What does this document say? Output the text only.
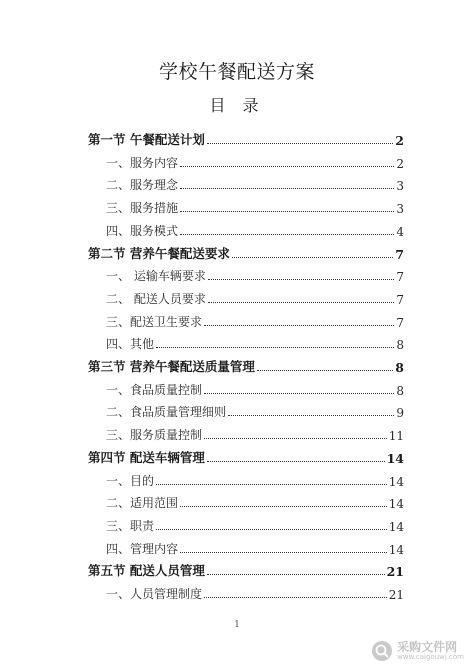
学校午餐配送方案
目 录
第一节 午餐配送计划	2
一、服务内容	2
二、服务理念	3
三、服务措施	3
四、服务模式	4
第二节 营养午餐配送要求	7
一、 运输车辆要求	7
二、 配送人员要求	7
三、配送卫生要求	7
四、其他	8
第三节 营养午餐配送质量管理	8
一、食品质量控制	8
二、食品质量管理细则	9
三、服务质量控制	11
第四节 配送车辆管理	14
一、目的	14
二、适用范围	14
三、职责	14
四、管理内容	14
第五节 配送人员管理	21
一、人员管理制度	21
1
采购文件网
www.caigouwj.com
